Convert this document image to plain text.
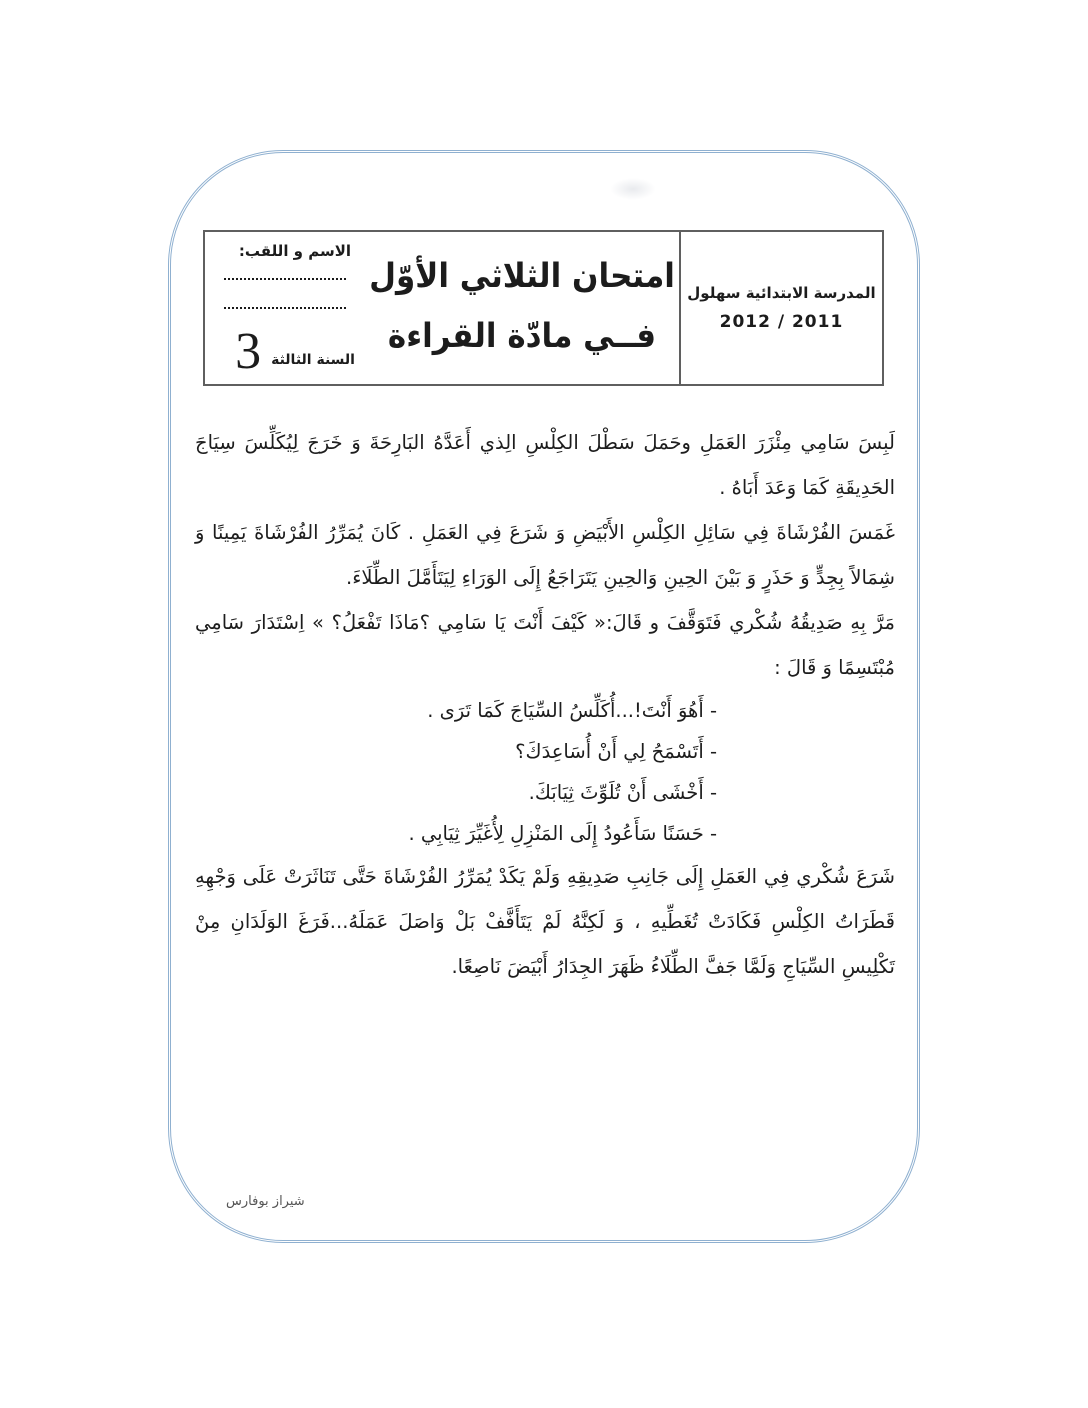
المدرسة الابتدائية سهلول
2012 / 2011
امتحان الثلاثي الأوّل
فــي مادّة القراءة
الاسم و اللقب:
السنة الثالثة
3

لَبِسَ سَامِي مِئْزَرَ العَمَلِ وحَمَلَ سَطْلَ الكِلْسِ الِذي أَعَدَّهُ البَارِحَةَ وَ خَرَجَ لِيُكَلِّسَ سِيَاجَ الحَدِيقَةِ كَمَا وَعَدَ أَبَاهُ .

غَمَسَ الفُرْشَاةَ فِي سَائِلِ الكِلْسِ الأَبْيَضِ وَ شَرَعَ فِي العَمَلِ . كَانَ يُمَرِّرُ الفُرْشَاةَ يَمِينًا وَ شِمَالاً بِجِدٍّ وَ حَذَرٍ وَ بَيْنَ الحِينِ وَالحِينِ يَتَرَاجَعُ إِلَى الوَرَاءِ لِيَتَأَمَّلَ الطِّلَاءَ.

مَرَّ بِهِ صَدِيقُهُ شُكْري فَتَوَقَّفَ و قَالَ:« كَيْفَ أَنْتَ يَا سَامِي ؟مَاذَا تَفْعَلُ؟ » اِسْتَدَارَ سَامِي مُبْتَسِمًا وَ قَالَ :

- أَهُوَ أَنْتَ!...أُكَلِّسُ السِّيَاجَ كَمَا تَرَى .
- أَتَسْمَحُ لِي أَنْ أُسَاعِدَكَ؟
- أَخْشَى أَنْ تُلَوِّثَ ثِيَابَكَ.
- حَسَنًا سَأَعُودُ إِلَى المَنْزِلِ لِأُغَيِّرَ ثِيَابِي .

شَرَعَ شُكْري فِي العَمَلِ إِلَى جَانِبِ صَدِيقِهِ وَلَمْ يَكَدْ يُمَرِّرُ الفُرْشَاةَ حَتَّى تَنَاثَرَتْ عَلَى وَجْهِهِ قَطَرَاتُ الكِلْسِ فَكَادَتْ تُغَطِّيهِ ، وَ لَكِنَّهُ لَمْ يَتَأَفَّفْ بَلْ وَاصَلَ عَمَلَهُ...فَرَغَ الوَلَدَانِ مِنْ تَكْلِيسِ السِّيَاجِ وَلَمَّا جَفَّ الطِّلَاءُ ظَهَرَ الجِدَارُ أَبْيَضَ نَاصِعًا.

شيراز بوفارس
